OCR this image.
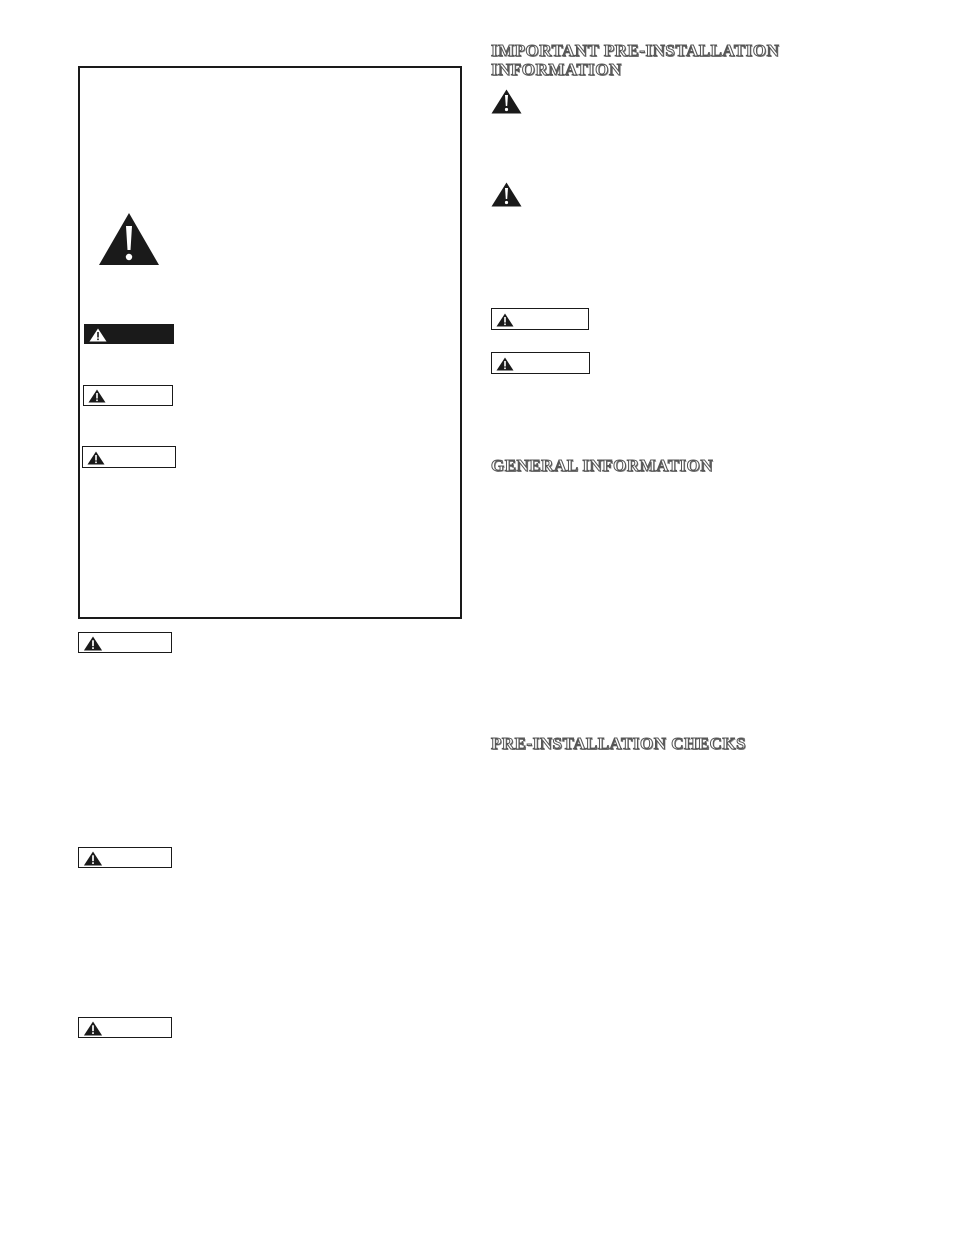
IMPORTANT PRE-INSTALLATION INFORMATION
GENERAL INFORMATION
PRE-INSTALLATION CHECKS
